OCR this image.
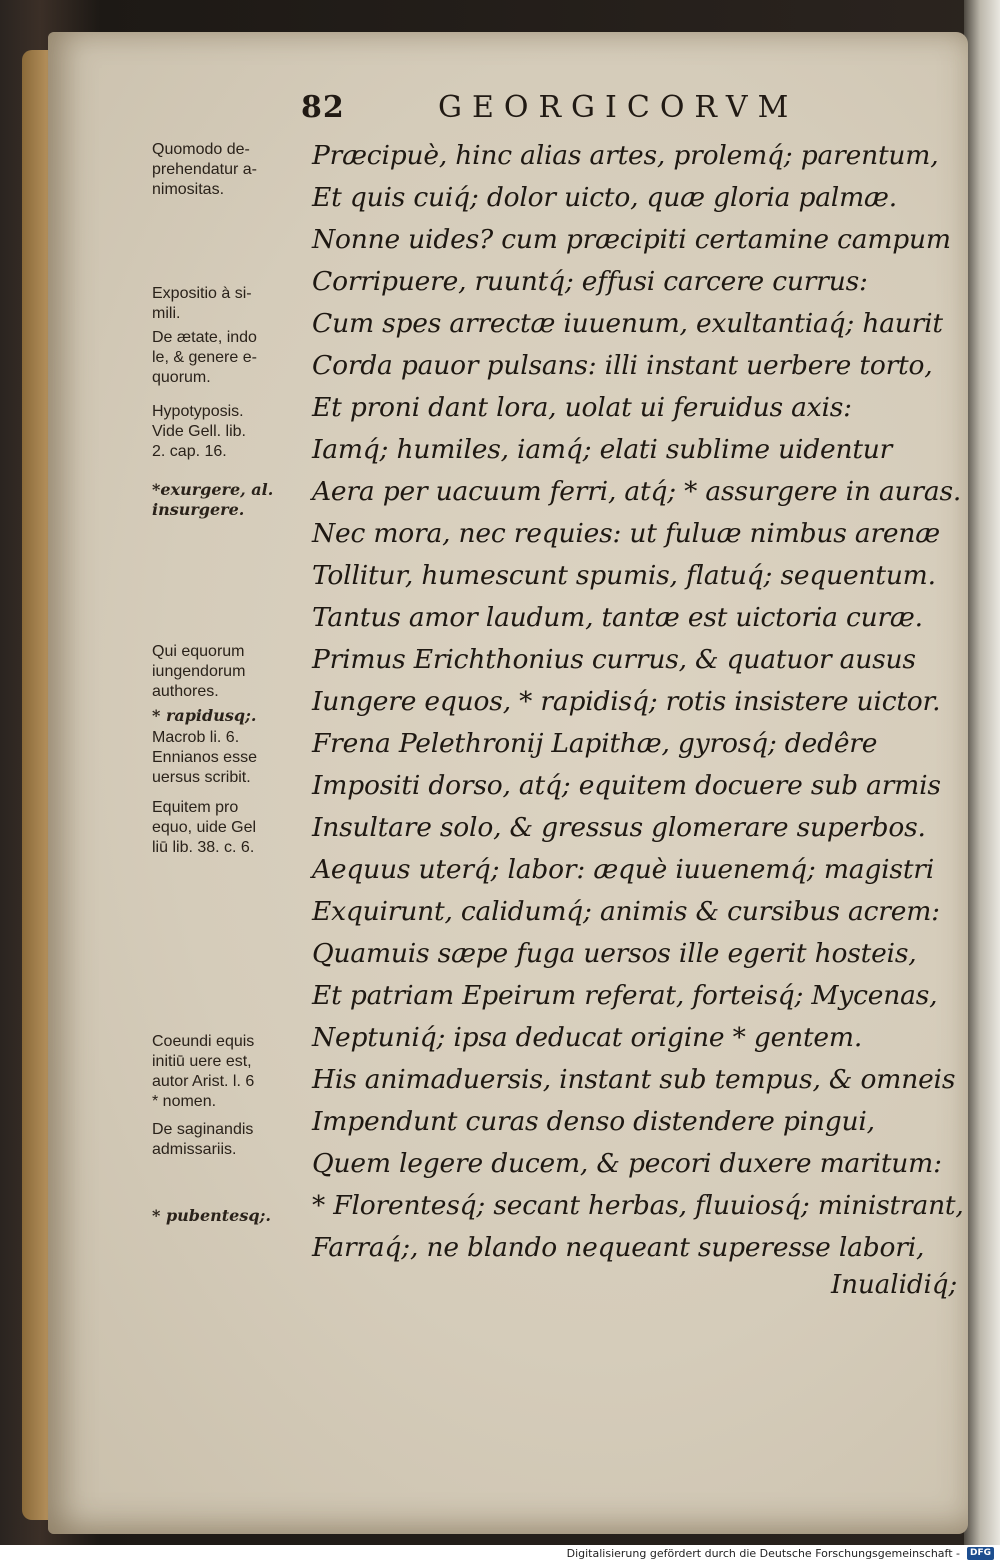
82	GEORGICORVM
Quomodo de-
prehendatur a-
nimositas.
Expositio à si-
mili.
De ætate, indo
le, & genere e-
quorum.
Hypotyposis.
Vide Gell. lib.
2. cap. 16.
*exurgere, al.
insurgere.
Qui equorum
iungendorum
authores.
* rapidusq;.
Macrob li. 6.
Ennianos esse
uersus scribit.
Equitem pro
equo, uide Gel
liū lib. 38. c. 6.
Coeundi equis
initiū uere est,
autor Arist. l. 6
* nomen.
De saginandis
admissariis.
* pubentesq;.
Præcipuè, hinc alias artes, prolemq́; parentum,
Et quis cuiq́; dolor uicto, quæ gloria palmæ.
Nonne uides? cum præcipiti certamine campum
Corripuere, ruuntq́; effusi carcere currus:
Cum spes arrectæ iuuenum, exultantiaq́; haurit
Corda pauor pulsans: illi instant uerbere torto,
Et proni dant lora, uolat ui feruidus axis:
Iamq́; humiles, iamq́; elati sublime uidentur
Aera per uacuum ferri, atq́; * assurgere in auras.
Nec mora, nec requies: ut fuluæ nimbus arenæ
Tollitur, humescunt spumis, flatuq́; sequentum.
Tantus amor laudum, tantæ est uictoria curæ.
Primus Erichthonius currus, & quatuor ausus
Iungere equos, * rapidisq́; rotis insistere uictor.
Frena Pelethronij Lapithæ, gyrosq́; dedêre
Impositi dorso, atq́; equitem docuere sub armis
Insultare solo, & gressus glomerare superbos.
Aequus uterq́; labor: æquè iuuenemq́; magistri
Exquirunt, calidumq́; animis & cursibus acrem:
Quamuis sæpe fuga uersos ille egerit hosteis,
Et patriam Epeirum referat, forteisq́; Mycenas,
Neptuniq́; ipsa deducat origine * gentem.
His animaduersis, instant sub tempus, & omneis
Impendunt curas denso distendere pingui,
Quem legere ducem, & pecori duxere maritum:
* Florentesq́; secant herbas, fluuiosq́; ministrant,
Farraq́;, ne blando nequeant superesse labori,
Inualidiq́;
Digitalisierung gefördert durch die Deutsche Forschungsgemeinschaft -	DFG
